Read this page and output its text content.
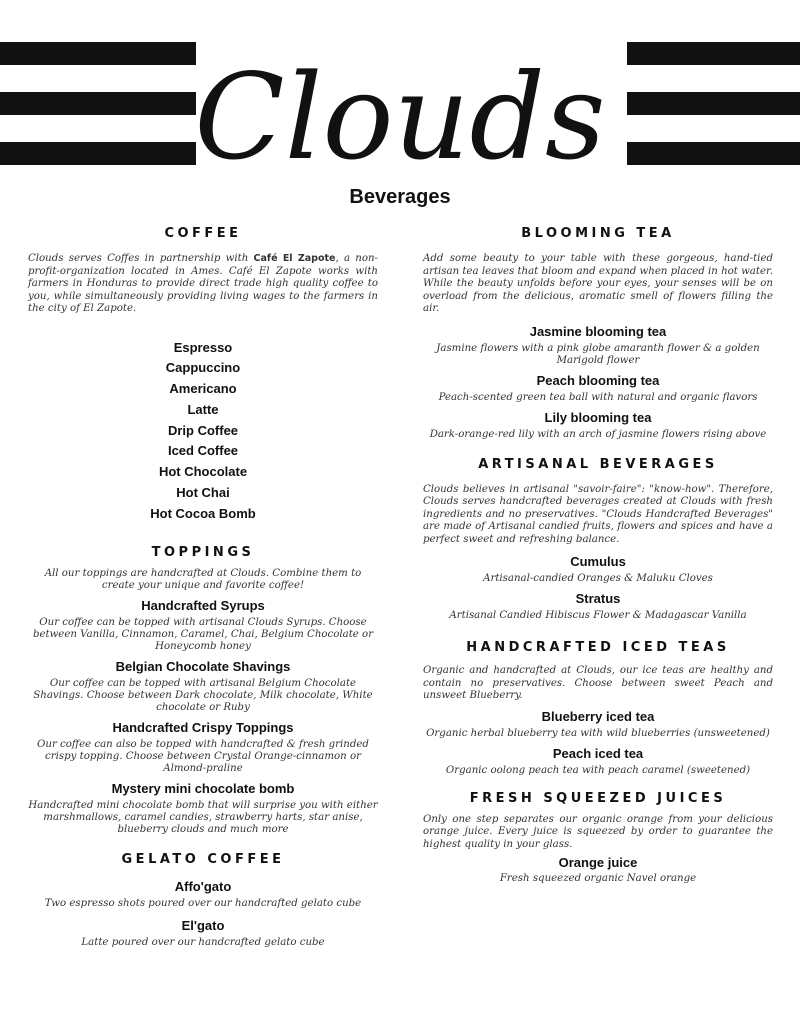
Clouds
Beverages
COFFEE
Clouds serves Coffes in partnership with Café El Zapote, a non-profit-organization located in Ames. Café El Zapote works with farmers in Honduras to provide direct trade high quality coffee to you, while simultaneously providing living wages to the farmers in the city of El Zapote.
Espresso
Cappuccino
Americano
Latte
Drip Coffee
Iced Coffee
Hot Chocolate
Hot Chai
Hot Cocoa Bomb
TOPPINGS
All our toppings are handcrafted at Clouds. Combine them to create your unique and favorite coffee!
Handcrafted Syrups
Our coffee can be topped with artisanal Clouds Syrups. Choose between Vanilla, Cinnamon, Caramel, Chai, Belgium Chocolate or Honeycomb honey
Belgian Chocolate Shavings
Our coffee can be topped with artisanal Belgium Chocolate Shavings. Choose between Dark chocolate, Milk chocolate, White chocolate or Ruby
Handcrafted Crispy Toppings
Our coffee can also be topped with handcrafted & fresh grinded crispy topping. Choose between Crystal Orange-cinnamon or Almond-praline
Mystery mini chocolate bomb
Handcrafted mini chocolate bomb that will surprise you with either marshmallows, caramel candies, strawberry harts, star anise, blueberry clouds and much more
GELATO COFFEE
Affo'gato
Two espresso shots poured over our handcrafted gelato cube
El'gato
Latte poured over our handcrafted gelato cube
BLOOMING TEA
Add some beauty to your table with these gorgeous, hand-tied artisan tea leaves that bloom and expand when placed in hot water. While the beauty unfolds before your eyes, your senses will be on overload from the delicious, aromatic smell of flowers filling the air.
Jasmine blooming tea
Jasmine flowers with a pink globe amaranth flower & a golden Marigold flower
Peach blooming tea
Peach-scented green tea ball with natural and organic flavors
Lily blooming tea
Dark-orange-red lily with an arch of jasmine flowers rising above
ARTISANAL BEVERAGES
Clouds believes in artisanal "savoir-faire": "know-how". Therefore, Clouds serves handcrafted beverages created at Clouds with fresh ingredients and no preservatives. "Clouds Handcrafted Beverages" are made of Artisanal candied fruits, flowers and spices and have a perfect sweet and refreshing balance.
Cumulus
Artisanal-candied Oranges & Maluku Cloves
Stratus
Artisanal Candied Hibiscus Flower & Madagascar Vanilla
HANDCRAFTED ICED TEAS
Organic and handcrafted at Clouds, our ice teas are healthy and contain no preservatives. Choose between sweet Peach and unsweet Blueberry.
Blueberry iced tea
Organic herbal blueberry tea with wild blueberries (unsweetened)
Peach iced tea
Organic oolong peach tea with peach caramel (sweetened)
FRESH SQUEEZED JUICES
Only one step separates our organic orange from your delicious orange juice. Every juice is squeezed by order to guarantee the highest quality in your glass.
Orange juice
Fresh squeezed organic Navel orange
